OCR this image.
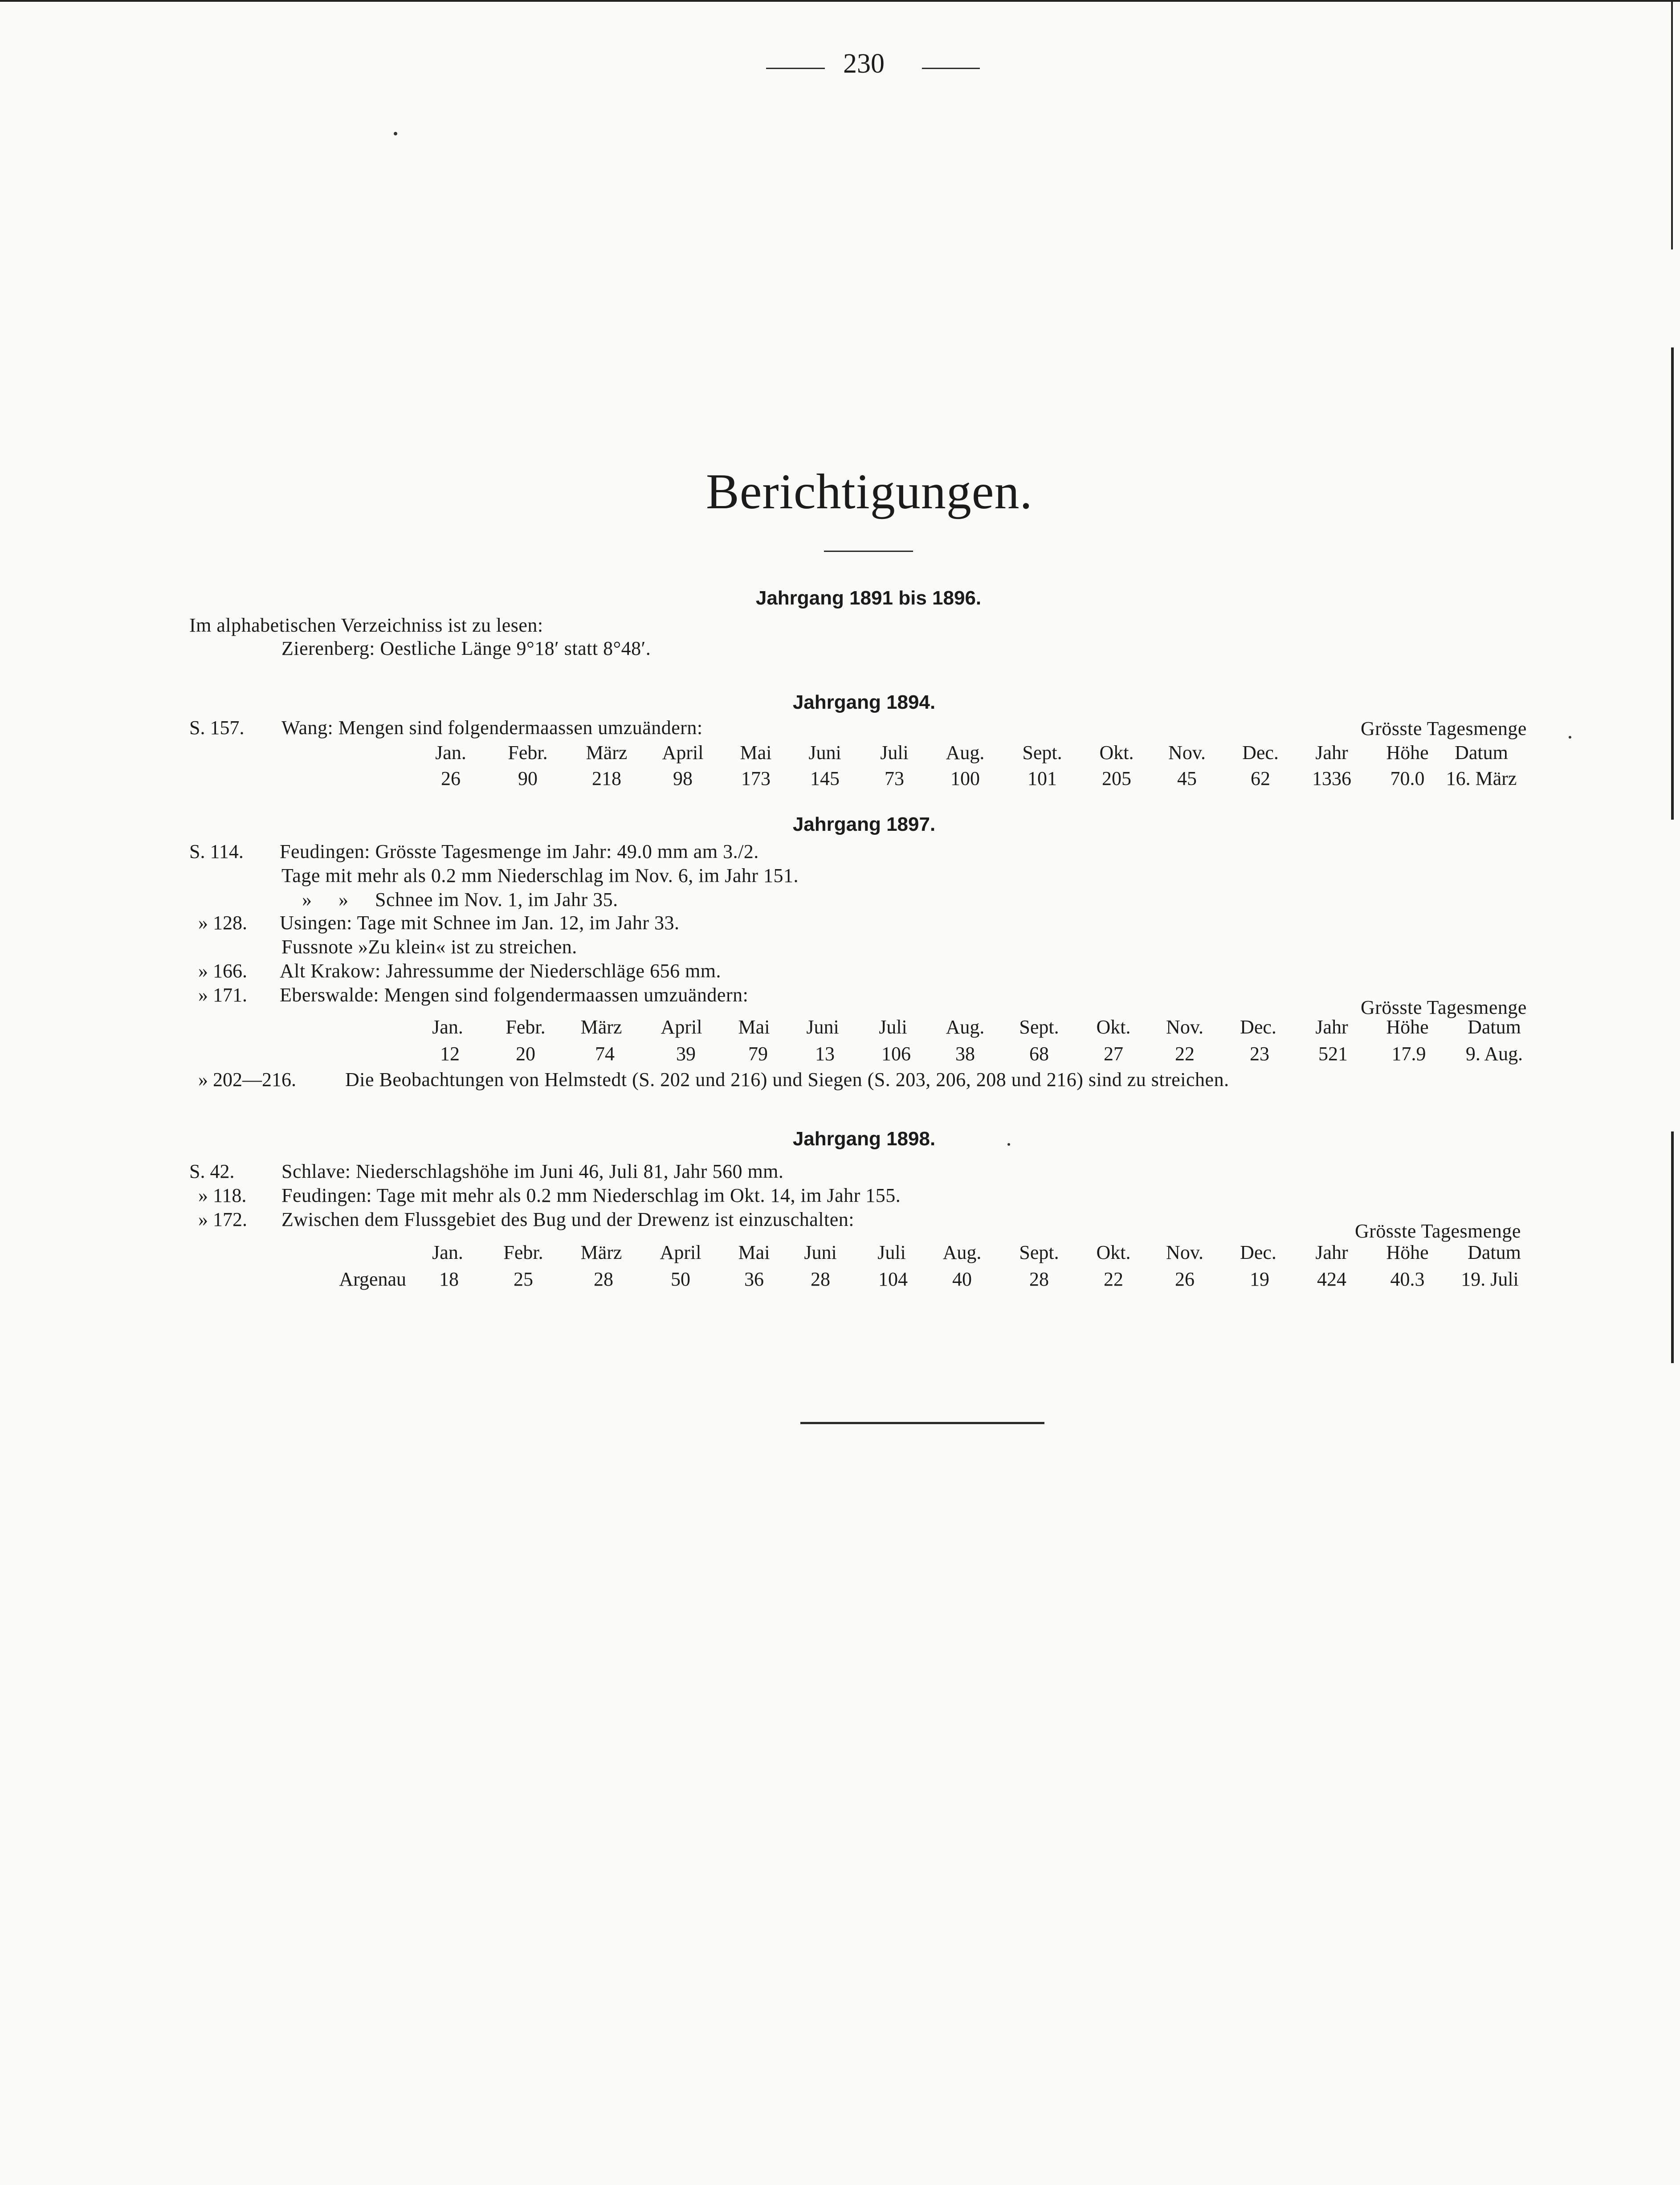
230
Berichtigungen.
Jahrgang 1891 bis 1896.
Im alphabetischen Verzeichniss ist zu lesen:
Zierenberg: Oestliche Länge 9°18′ statt 8°48′.
Jahrgang 1894.
S. 157. Wang: Mengen sind folgendermaassen umzuändern:	Grösste Tagesmenge
Jan. Febr. März April Mai Juni Juli Aug. Sept. Okt. Nov. Dec. Jahr Höhe Datum
26	90	218	98 173 145 73 100 101 205 45	62 1336 70.0 16. März
Jahrgang 1897.
S. 114. Feudingen: Grösste Tagesmenge im Jahr: 49.0 mm am 3./2.
Tage mit mehr als 0.2 mm Niederschlag im Nov. 6, im Jahr 151.
» » Schnee im Nov. 1, im Jahr 35.
» 128. Usingen: Tage mit Schnee im Jan. 12, im Jahr 33.
Fussnote »Zu klein« ist zu streichen.
» 166. Alt Krakow: Jahressumme der Niederschläge 656 mm.
» 171. Eberswalde: Mengen sind folgendermaassen umzuändern:
Grösste Tagesmenge
Jan. Febr. März April Mai Juni Juli Aug. Sept. Okt. Nov. Dec. Jahr Höhe Datum
12	20	74	39	79 13 106 38	68	27	22	23	521 17.9 9. Aug.
» 202—216.	Die Beobachtungen von Helmstedt (S. 202 und 216) und Siegen (S. 203, 206, 208 und 216) sind zu streichen.
Jahrgang 1898.
S. 42. Schlave: Niederschlagshöhe im Juni 46, Juli 81, Jahr 560 mm.
» 118. Feudingen: Tage mit mehr als 0.2 mm Niederschlag im Okt. 14, im Jahr 155.
» 172. Zwischen dem Flussgebiet des Bug und der Drewenz ist einzuschalten:
Grösste Tagesmenge
Jan. Febr. März April Mai Juni Juli Aug. Sept. Okt. Nov. Dec. Jahr Höhe Datum
Argenau 18	25	28	50	36 28 104 40	28	22	26	19 424 40.3 19. Juli
